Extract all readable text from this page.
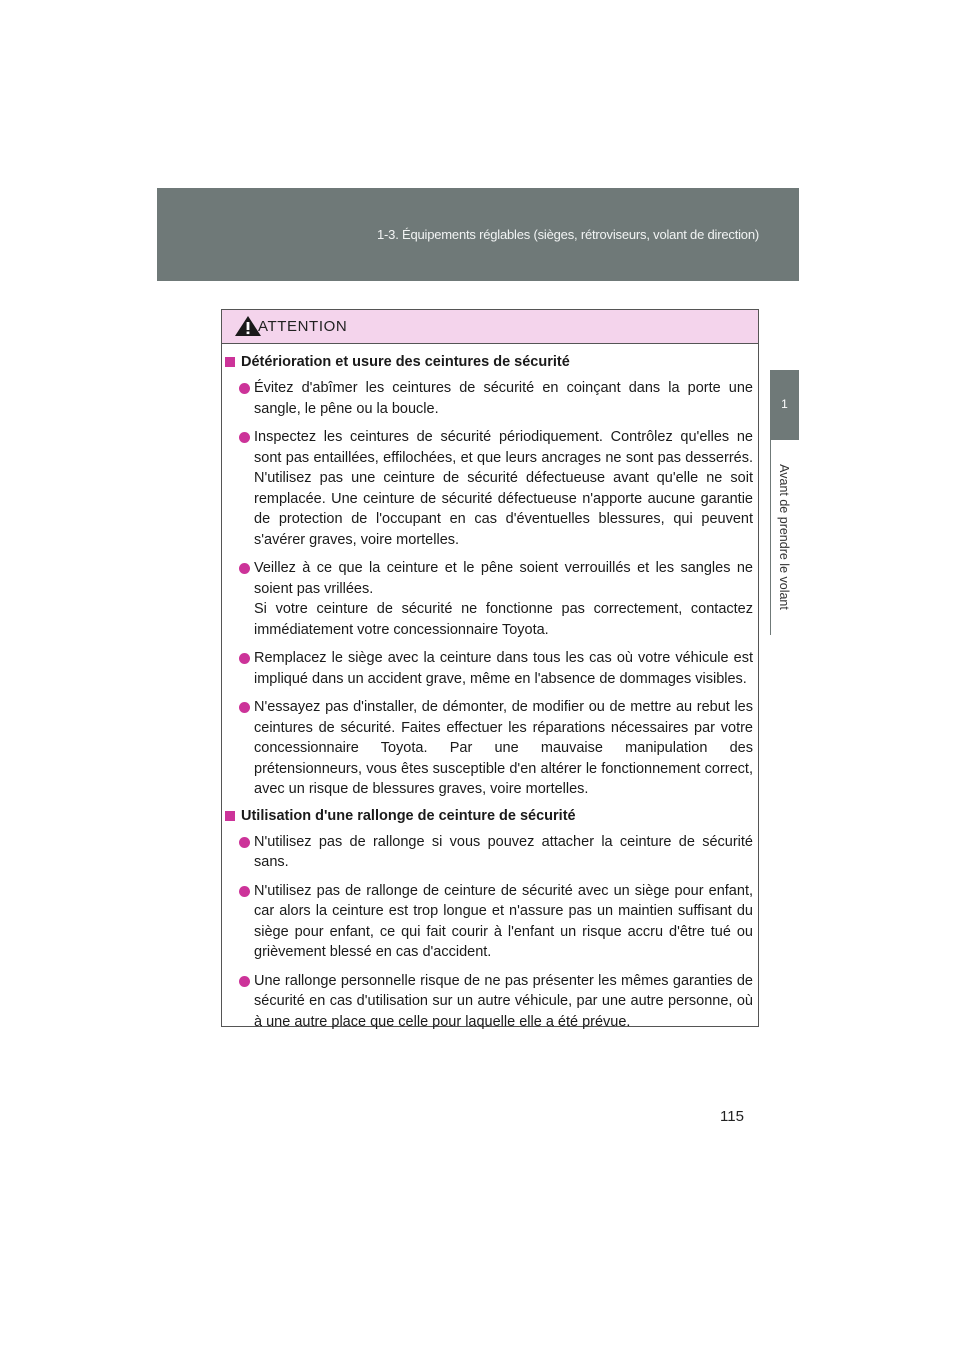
1-3. Équipements réglables (sièges, rétroviseurs, volant de direction)
1
Avant de prendre le volant
ATTENTION
Détérioration et usure des ceintures de sécurité
Évitez d'abîmer les ceintures de sécurité en coinçant dans la porte une sangle, le pêne ou la boucle.
Inspectez les ceintures de sécurité périodiquement. Contrôlez qu'elles ne sont pas entaillées, effilochées, et que leurs ancrages ne sont pas desserrés. N'utilisez pas une ceinture de sécurité défectueuse avant qu'elle ne soit remplacée. Une ceinture de sécurité défectueuse n'apporte aucune garantie de protection de l'occupant en cas d'éventuelles blessures, qui peuvent s'avérer graves, voire mortelles.
Veillez à ce que la ceinture et le pêne soient verrouillés et les sangles ne soient pas vrillées.
Si votre ceinture de sécurité ne fonctionne pas correctement, contactez immédiatement votre concessionnaire Toyota.
Remplacez le siège avec la ceinture dans tous les cas où votre véhicule est impliqué dans un accident grave, même en l'absence de dommages visibles.
N'essayez pas d'installer, de démonter, de modifier ou de mettre au rebut les ceintures de sécurité. Faites effectuer les réparations nécessaires par votre concessionnaire Toyota. Par une mauvaise manipulation des prétensionneurs, vous êtes susceptible d'en altérer le fonctionnement correct, avec un risque de blessures graves, voire mortelles.
Utilisation d'une rallonge de ceinture de sécurité
N'utilisez pas de rallonge si vous pouvez attacher la ceinture de sécurité sans.
N'utilisez pas de rallonge de ceinture de sécurité avec un siège pour enfant, car alors la ceinture est trop longue et n'assure pas un maintien suffisant du siège pour enfant, ce qui fait courir à l'enfant un risque accru d'être tué ou grièvement blessé en cas d'accident.
Une rallonge personnelle risque de ne pas présenter les mêmes garanties de sécurité en cas d'utilisation sur un autre véhicule, par une autre personne, où à une autre place que celle pour laquelle elle a été prévue.
115
